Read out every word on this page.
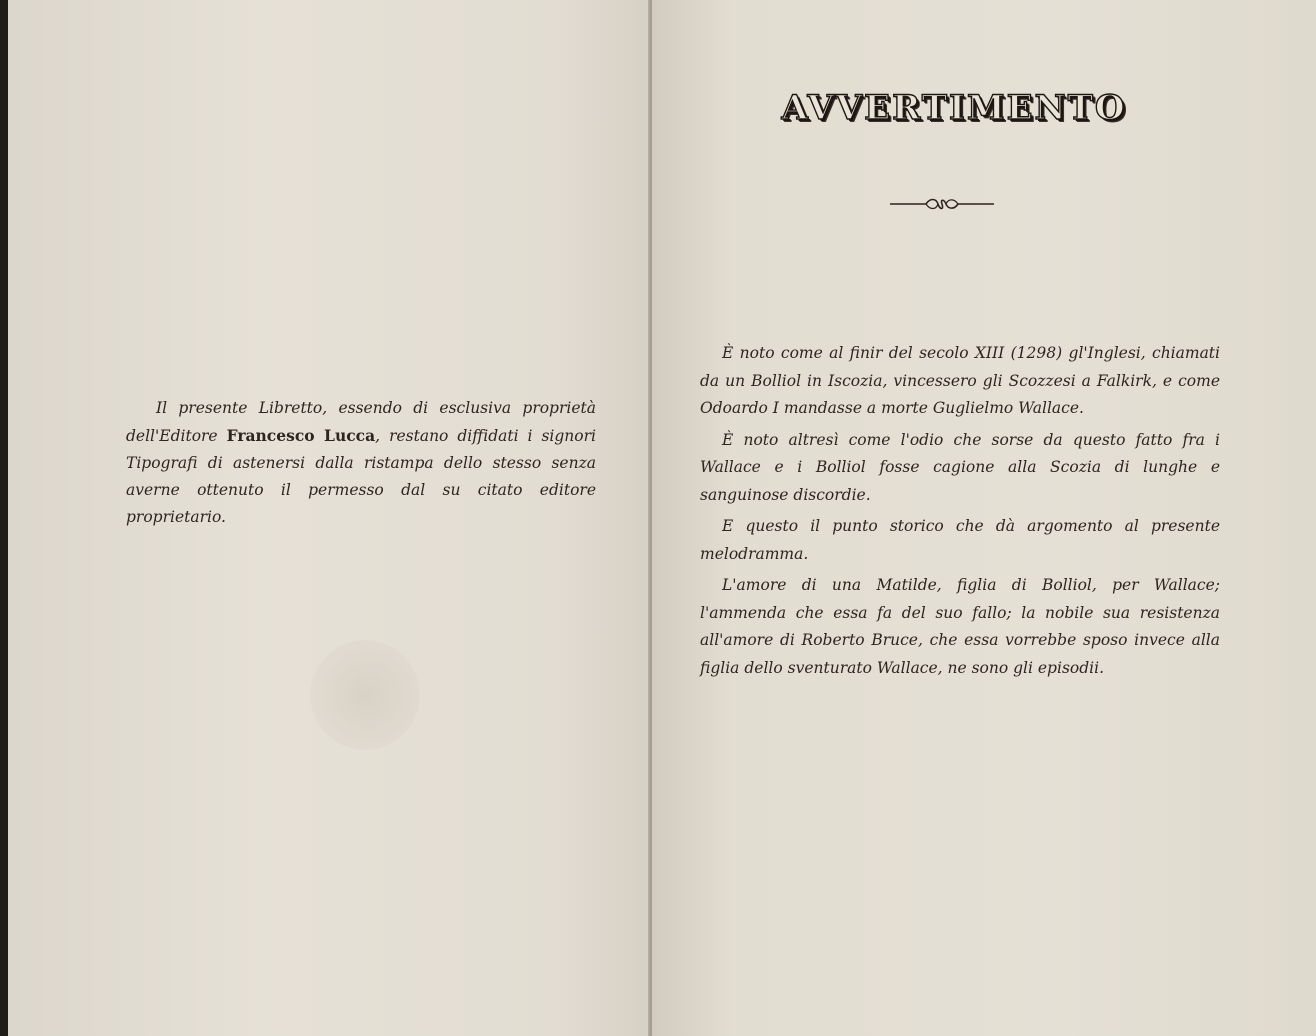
Il presente Libretto, essendo di esclusiva proprietà dell'Editore Francesco Lucca, restano diffidati i signori Tipografi di astenersi dalla ristampa dello stesso senza averne ottenuto il permesso dal su citato editore proprietario.
AVVERTIMENTO

È noto come al finir del secolo XIII (1298) gl'Inglesi, chiamati da un Bolliol in Iscozia, vincessero gli Scozzesi a Falkirk, e come Odoardo I mandasse a morte Guglielmo Wallace.

È noto altresì come l'odio che sorse da questo fatto fra i Wallace e i Bolliol fosse cagione alla Scozia di lunghe e sanguinose discordie.

E questo il punto storico che dà argomento al presente melodramma.

L'amore di una Matilde, figlia di Bolliol, per Wallace; l'ammenda che essa fa del suo fallo; la nobile sua resistenza all'amore di Roberto Bruce, che essa vorrebbe sposo invece alla figlia dello sventurato Wallace, ne sono gli episodii.
